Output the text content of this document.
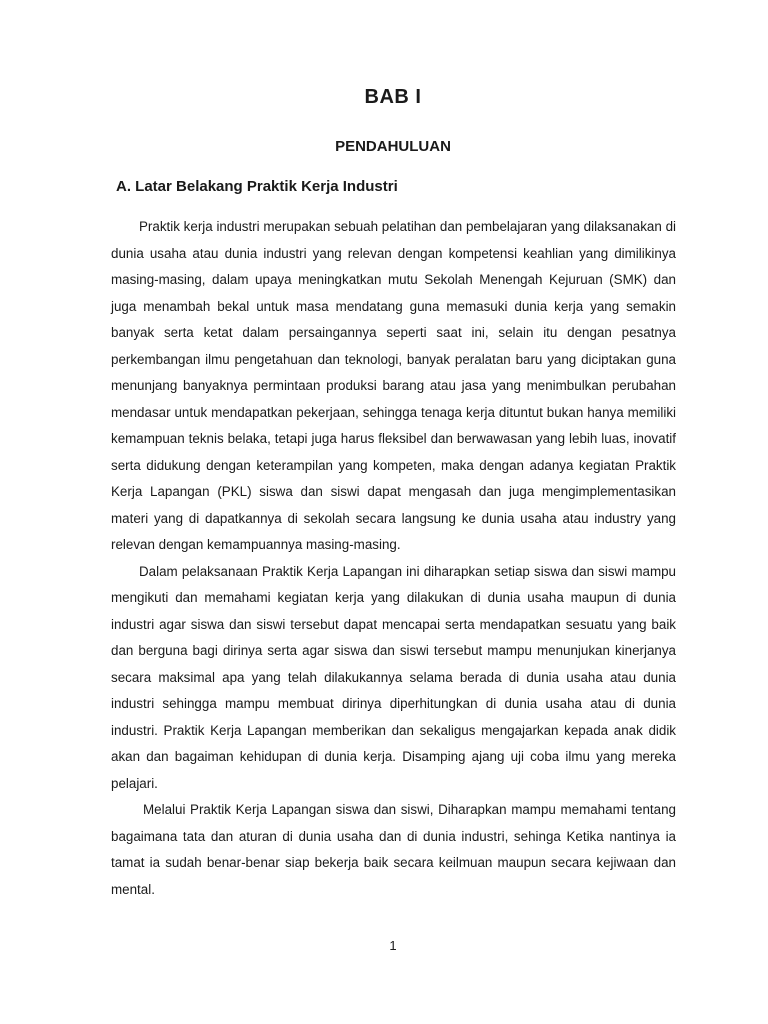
BAB I
PENDAHULUAN
A. Latar Belakang Praktik Kerja Industri

Praktik kerja industri merupakan sebuah pelatihan dan pembelajaran yang dilaksanakan di dunia usaha atau dunia industri yang relevan dengan kompetensi keahlian yang dimilikinya masing-masing, dalam upaya meningkatkan mutu Sekolah Menengah Kejuruan (SMK) dan juga menambah bekal untuk masa mendatang guna memasuki dunia kerja yang semakin banyak serta ketat dalam persaingannya seperti saat ini, selain itu dengan pesatnya perkembangan ilmu pengetahuan dan teknologi, banyak peralatan baru yang diciptakan guna menunjang banyaknya permintaan produksi barang atau jasa yang menimbulkan perubahan mendasar untuk mendapatkan pekerjaan, sehingga tenaga kerja dituntut bukan hanya memiliki kemampuan teknis belaka, tetapi juga harus fleksibel dan berwawasan yang lebih luas, inovatif serta didukung dengan keterampilan yang kompeten, maka dengan adanya kegiatan Praktik Kerja Lapangan (PKL) siswa dan siswi dapat mengasah dan juga mengimplementasikan materi yang di dapatkannya di sekolah secara langsung ke dunia usaha atau industry yang relevan dengan kemampuannya masing-masing.

Dalam pelaksanaan Praktik Kerja Lapangan ini diharapkan setiap siswa dan siswi mampu mengikuti dan memahami kegiatan kerja yang dilakukan di dunia usaha maupun di dunia industri agar siswa dan siswi tersebut dapat mencapai serta mendapatkan sesuatu yang baik dan berguna bagi dirinya serta agar siswa dan siswi tersebut mampu menunjukan kinerjanya secara maksimal apa yang telah dilakukannya selama berada di dunia usaha atau dunia industri sehingga mampu membuat dirinya diperhitungkan di dunia usaha atau di dunia industri. Praktik Kerja Lapangan memberikan dan sekaligus mengajarkan kepada anak didik akan dan bagaiman kehidupan di dunia kerja. Disamping ajang uji coba ilmu yang mereka pelajari.

Melalui Praktik Kerja Lapangan siswa dan siswi, Diharapkan mampu memahami tentang bagaimana tata dan aturan di dunia usaha dan di dunia industri, sehinga Ketika nantinya ia tamat ia sudah benar-benar siap bekerja baik secara keilmuan maupun secara kejiwaan dan mental.

1
